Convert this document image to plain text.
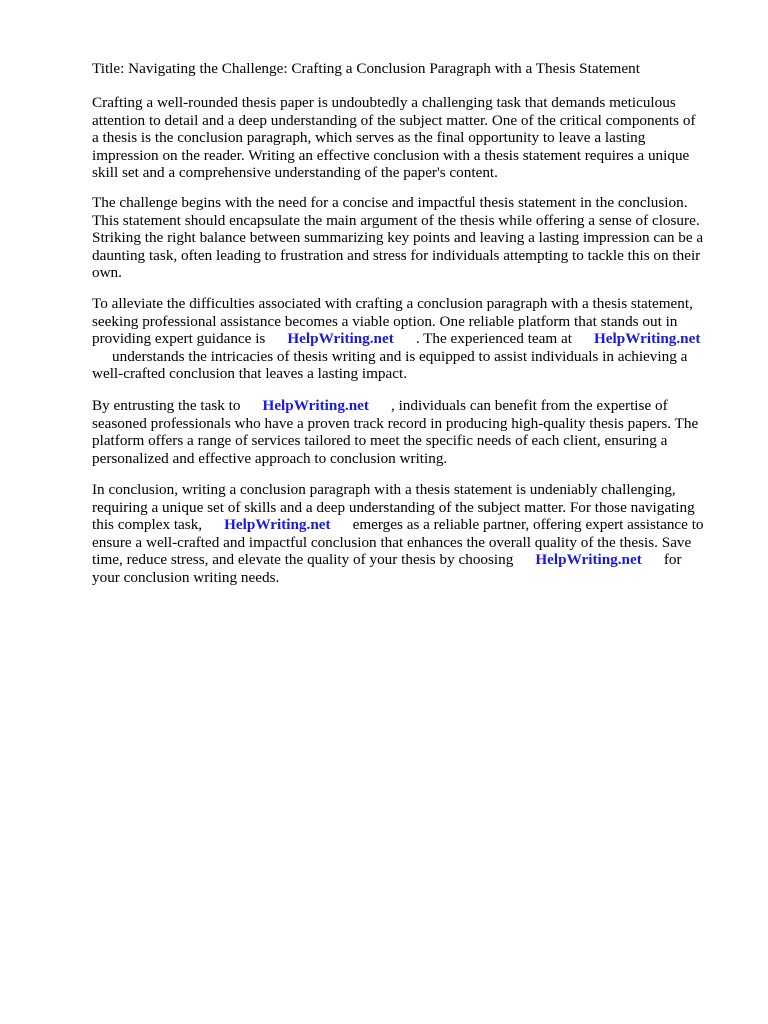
Title: Navigating the Challenge: Crafting a Conclusion Paragraph with a Thesis Statement
Crafting a well-rounded thesis paper is undoubtedly a challenging task that demands meticulous
attention to detail and a deep understanding of the subject matter. One of the critical components of
a thesis is the conclusion paragraph, which serves as the final opportunity to leave a lasting
impression on the reader. Writing an effective conclusion with a thesis statement requires a unique
skill set and a comprehensive understanding of the paper's content.
The challenge begins with the need for a concise and impactful thesis statement in the conclusion.
This statement should encapsulate the main argument of the thesis while offering a sense of closure.
Striking the right balance between summarizing key points and leaving a lasting impression can be a
daunting task, often leading to frustration and stress for individuals attempting to tackle this on their
own.
To alleviate the difficulties associated with crafting a conclusion paragraph with a thesis statement,
seeking professional assistance becomes a viable option. One reliable platform that stands out in
providing expert guidance is HelpWriting.net . The experienced team at HelpWriting.net
understands the intricacies of thesis writing and is equipped to assist individuals in achieving a
well-crafted conclusion that leaves a lasting impact.
By entrusting the task to HelpWriting.net , individuals can benefit from the expertise of
seasoned professionals who have a proven track record in producing high-quality thesis papers. The
platform offers a range of services tailored to meet the specific needs of each client, ensuring a
personalized and effective approach to conclusion writing.
In conclusion, writing a conclusion paragraph with a thesis statement is undeniably challenging,
requiring a unique set of skills and a deep understanding of the subject matter. For those navigating
this complex task, HelpWriting.net emerges as a reliable partner, offering expert assistance to
ensure a well-crafted and impactful conclusion that enhances the overall quality of the thesis. Save
time, reduce stress, and elevate the quality of your thesis by choosing HelpWriting.net for
your conclusion writing needs.
